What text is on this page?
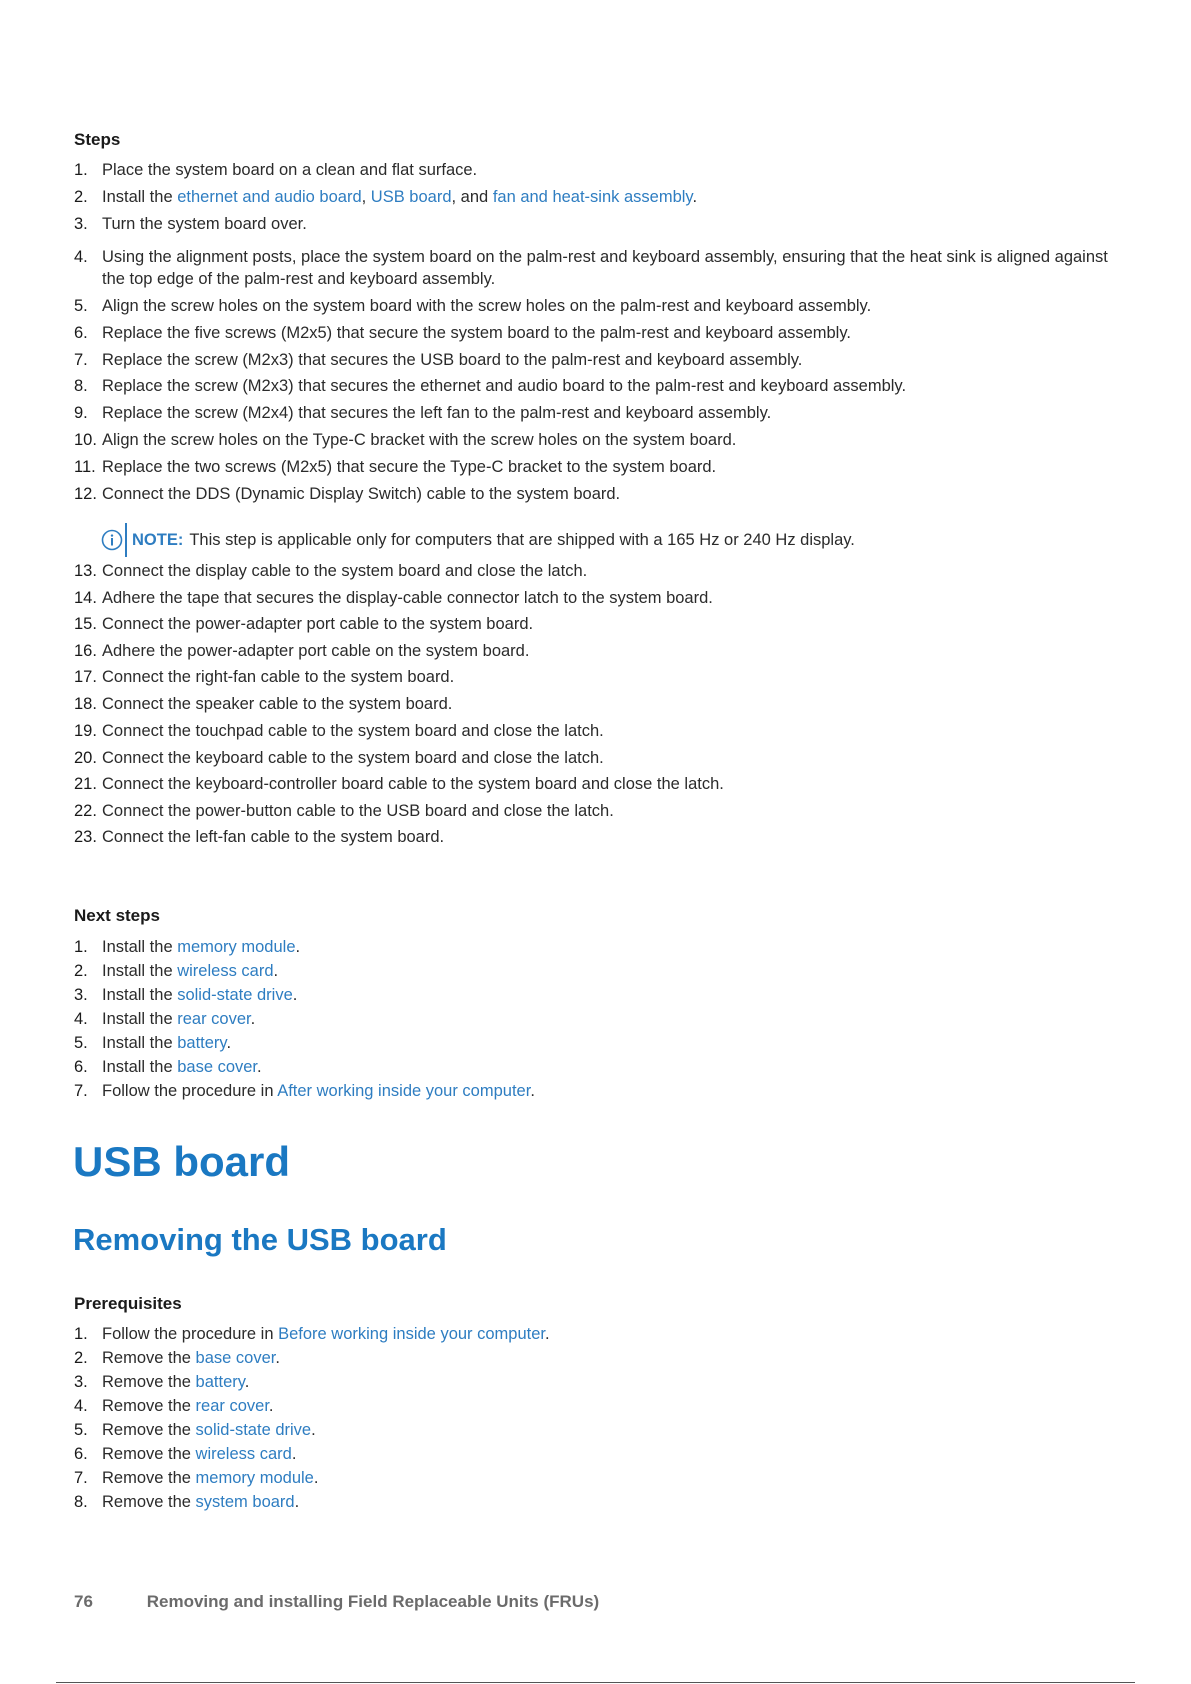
Steps
1. Place the system board on a clean and flat surface.
2. Install the ethernet and audio board, USB board, and fan and heat-sink assembly.
3. Turn the system board over.
4. Using the alignment posts, place the system board on the palm-rest and keyboard assembly, ensuring that the heat sink is aligned against the top edge of the palm-rest and keyboard assembly.
5. Align the screw holes on the system board with the screw holes on the palm-rest and keyboard assembly.
6. Replace the five screws (M2x5) that secure the system board to the palm-rest and keyboard assembly.
7. Replace the screw (M2x3) that secures the USB board to the palm-rest and keyboard assembly.
8. Replace the screw (M2x3) that secures the ethernet and audio board to the palm-rest and keyboard assembly.
9. Replace the screw (M2x4) that secures the left fan to the palm-rest and keyboard assembly.
10. Align the screw holes on the Type-C bracket with the screw holes on the system board.
11. Replace the two screws (M2x5) that secure the Type-C bracket to the system board.
12. Connect the DDS (Dynamic Display Switch) cable to the system board.
13. Connect the display cable to the system board and close the latch.
14. Adhere the tape that secures the display-cable connector latch to the system board.
15. Connect the power-adapter port cable to the system board.
16. Adhere the power-adapter port cable on the system board.
17. Connect the right-fan cable to the system board.
18. Connect the speaker cable to the system board.
19. Connect the touchpad cable to the system board and close the latch.
20. Connect the keyboard cable to the system board and close the latch.
21. Connect the keyboard-controller board cable to the system board and close the latch.
22. Connect the power-button cable to the USB board and close the latch.
23. Connect the left-fan cable to the system board.
NOTE: This step is applicable only for computers that are shipped with a 165 Hz or 240 Hz display.
Next steps
1. Install the memory module.
2. Install the wireless card.
3. Install the solid-state drive.
4. Install the rear cover.
5. Install the battery.
6. Install the base cover.
7. Follow the procedure in After working inside your computer.
USB board
Removing the USB board
Prerequisites
1. Follow the procedure in Before working inside your computer.
2. Remove the base cover.
3. Remove the battery.
4. Remove the rear cover.
5. Remove the solid-state drive.
6. Remove the wireless card.
7. Remove the memory module.
8. Remove the system board.
76	Removing and installing Field Replaceable Units (FRUs)
